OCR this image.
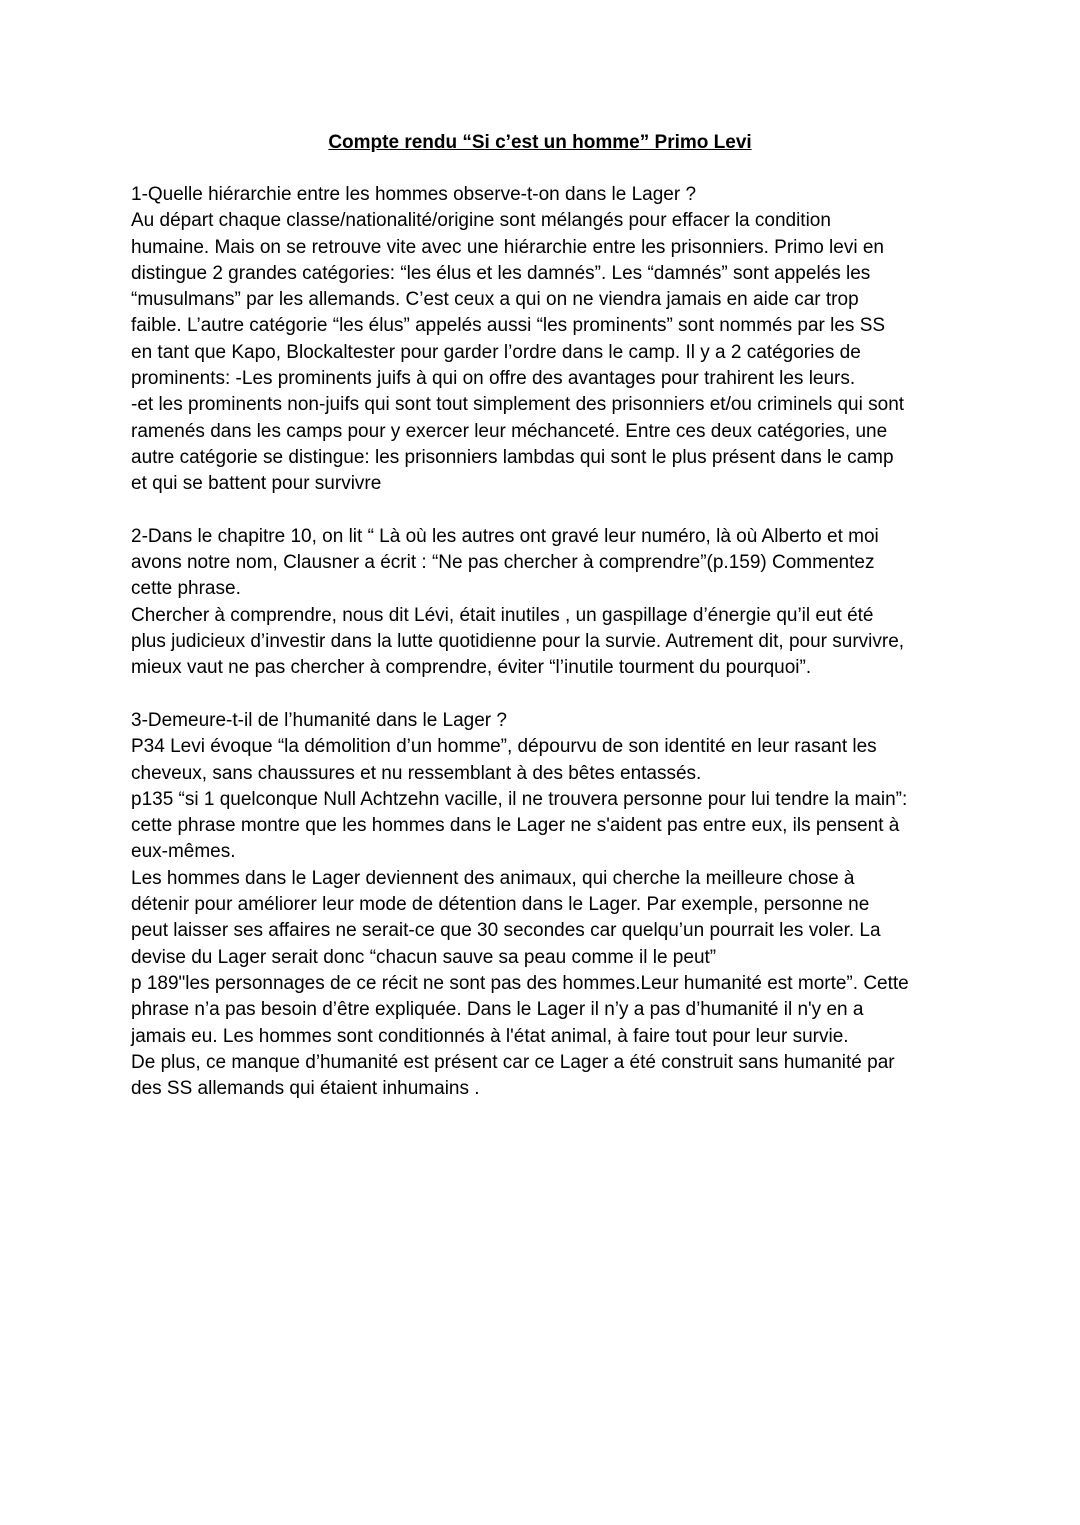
Compte rendu “Si c’est un homme” Primo Levi
1-Quelle hiérarchie entre les hommes observe-t-on dans le Lager ?
Au départ chaque classe/nationalité/origine sont mélangés pour effacer la condition
humaine. Mais on se retrouve vite avec une hiérarchie entre les prisonniers. Primo levi en
distingue 2 grandes catégories: “les élus et les damnés”. Les “damnés” sont appelés les
“musulmans” par les allemands. C’est ceux a qui on ne viendra jamais en aide car trop
faible. L’autre catégorie “les élus” appelés aussi “les prominents” sont nommés par les SS
en tant que Kapo, Blockaltester pour garder l’ordre dans le camp. Il y a 2 catégories de
prominents: -Les prominents juifs à qui on offre des avantages pour trahirent les leurs.
-et les prominents non-juifs qui sont tout simplement des prisonniers et/ou criminels qui sont
ramenés dans les camps pour y exercer leur méchanceté. Entre ces deux catégories, une
autre catégorie se distingue: les prisonniers lambdas qui sont le plus présent dans le camp
et qui se battent pour survivre
2-Dans le chapitre 10, on lit “ Là où les autres ont gravé leur numéro, là où Alberto et moi
avons notre nom, Clausner a écrit : “Ne pas chercher à comprendre”(p.159) Commentez
cette phrase.
Chercher à comprendre, nous dit Lévi, était inutiles , un gaspillage d’énergie qu’il eut été
plus judicieux d’investir dans la lutte quotidienne pour la survie. Autrement dit, pour survivre,
mieux vaut ne pas chercher à comprendre, éviter “l’inutile tourment du pourquoi”.
3-Demeure-t-il de l’humanité dans le Lager ?
P34 Levi évoque “la démolition d’un homme”, dépourvu de son identité en leur rasant les
cheveux, sans chaussures et nu ressemblant à des bêtes entassés.
p135 “si 1 quelconque Null Achtzehn vacille, il ne trouvera personne pour lui tendre la main”:
cette phrase montre que les hommes dans le Lager ne s'aident pas entre eux, ils pensent à
eux-mêmes.
Les hommes dans le Lager deviennent des animaux, qui cherche la meilleure chose à
détenir pour améliorer leur mode de détention dans le Lager. Par exemple, personne ne
peut laisser ses affaires ne serait-ce que 30 secondes car quelqu’un pourrait les voler. La
devise du Lager serait donc “chacun sauve sa peau comme il le peut”
p 189"les personnages de ce récit ne sont pas des hommes.Leur humanité est morte”. Cette
phrase n’a pas besoin d’être expliquée. Dans le Lager il n’y a pas d’humanité il n'y en a
jamais eu. Les hommes sont conditionnés à l'état animal, à faire tout pour leur survie.
De plus, ce manque d’humanité est présent car ce Lager a été construit sans humanité par
des SS allemands qui étaient inhumains .
